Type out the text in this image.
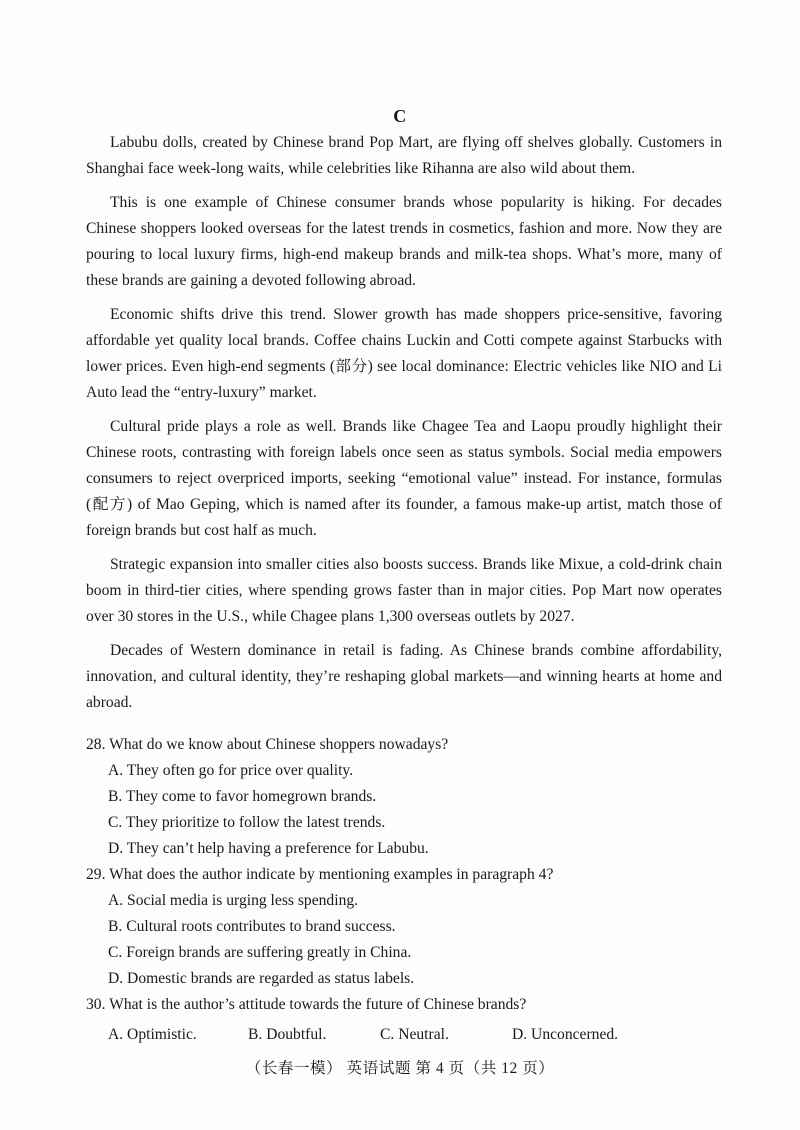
C

Labubu dolls, created by Chinese brand Pop Mart, are flying off shelves globally. Customers in Shanghai face week-long waits, while celebrities like Rihanna are also wild about them.

This is one example of Chinese consumer brands whose popularity is hiking. For decades Chinese shoppers looked overseas for the latest trends in cosmetics, fashion and more. Now they are pouring to local luxury firms, high-end makeup brands and milk-tea shops. What’s more, many of these brands are gaining a devoted following abroad.

Economic shifts drive this trend. Slower growth has made shoppers price-sensitive, favoring affordable yet quality local brands. Coffee chains Luckin and Cotti compete against Starbucks with lower prices. Even high-end segments (部分) see local dominance: Electric vehicles like NIO and Li Auto lead the “entry-luxury” market.

Cultural pride plays a role as well. Brands like Chagee Tea and Laopu proudly highlight their Chinese roots, contrasting with foreign labels once seen as status symbols. Social media empowers consumers to reject overpriced imports, seeking “emotional value” instead. For instance, formulas (配方) of Mao Geping, which is named after its founder, a famous make-up artist, match those of foreign brands but cost half as much.

Strategic expansion into smaller cities also boosts success. Brands like Mixue, a cold-drink chain boom in third-tier cities, where spending grows faster than in major cities. Pop Mart now operates over 30 stores in the U.S., while Chagee plans 1,300 overseas outlets by 2027.

Decades of Western dominance in retail is fading. As Chinese brands combine affordability, innovation, and cultural identity, they’re reshaping global markets—and winning hearts at home and abroad.

28. What do we know about Chinese shoppers nowadays?
A. They often go for price over quality.
B. They come to favor homegrown brands.
C. They prioritize to follow the latest trends.
D. They can’t help having a preference for Labubu.
29. What does the author indicate by mentioning examples in paragraph 4?
A. Social media is urging less spending.
B. Cultural roots contributes to brand success.
C. Foreign brands are suffering greatly in China.
D. Domestic brands are regarded as status labels.
30. What is the author’s attitude towards the future of Chinese brands?
A. Optimistic.	B. Doubtful.	C. Neutral.	D. Unconcerned.
（长春一模） 英语试题 第 4 页（共 12 页）
